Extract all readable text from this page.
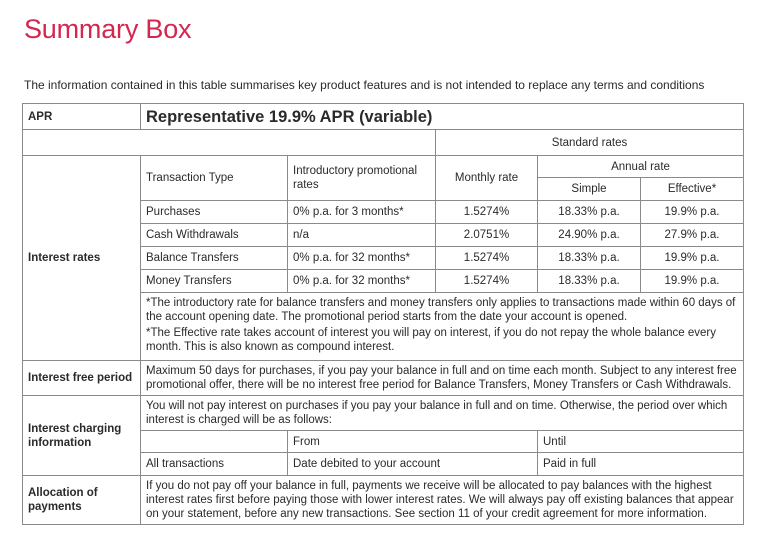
Summary Box
The information contained in this table summarises key product features and is not intended to replace any terms and conditions
APR	Representative 19.9% APR (variable)				
			Standard rates		
Interest rates	Transaction Type	Introductory promotional rates	Monthly rate	Annual rate	
				Simple	Effective*
	Purchases	0% p.a. for 3 months*	1.5274%	18.33% p.a.	19.9% p.a.
	Cash Withdrawals	n/a	2.0751%	24.90% p.a.	27.9% p.a.
	Balance Transfers	0% p.a. for 32 months*	1.5274%	18.33% p.a.	19.9% p.a.
	Money Transfers	0% p.a. for 32 months*	1.5274%	18.33% p.a.	19.9% p.a.

	*The introductory rate for balance transfers and money transfers only applies to transactions made within 60 days of the account opening date. The promotional period starts from the date your account is opened.

*The Effective rate takes account of interest you will pay on interest, if you do not repay the whole balance every month. This is also known as compound interest.				

Interest free period	Maximum 50 days for purchases, if you pay your balance in full and on time each month. Subject to any interest free promotional offer, there will be no interest free period for Balance Transfers, Money Transfers or Cash Withdrawals.				
Interest charging information	You will not pay interest on purchases if you pay your balance in full and on time. Otherwise, the period over which interest is charged will be as follows:				
		From		Until	
	All transactions	Date debited to your account		Paid in full	
Allocation of payments	If you do not pay off your balance in full, payments we receive will be allocated to pay balances with the highest interest rates first before paying those with lower interest rates. We will always pay off existing balances that appear on your statement, before any new transactions. See section 11 of your credit agreement for more information.				
